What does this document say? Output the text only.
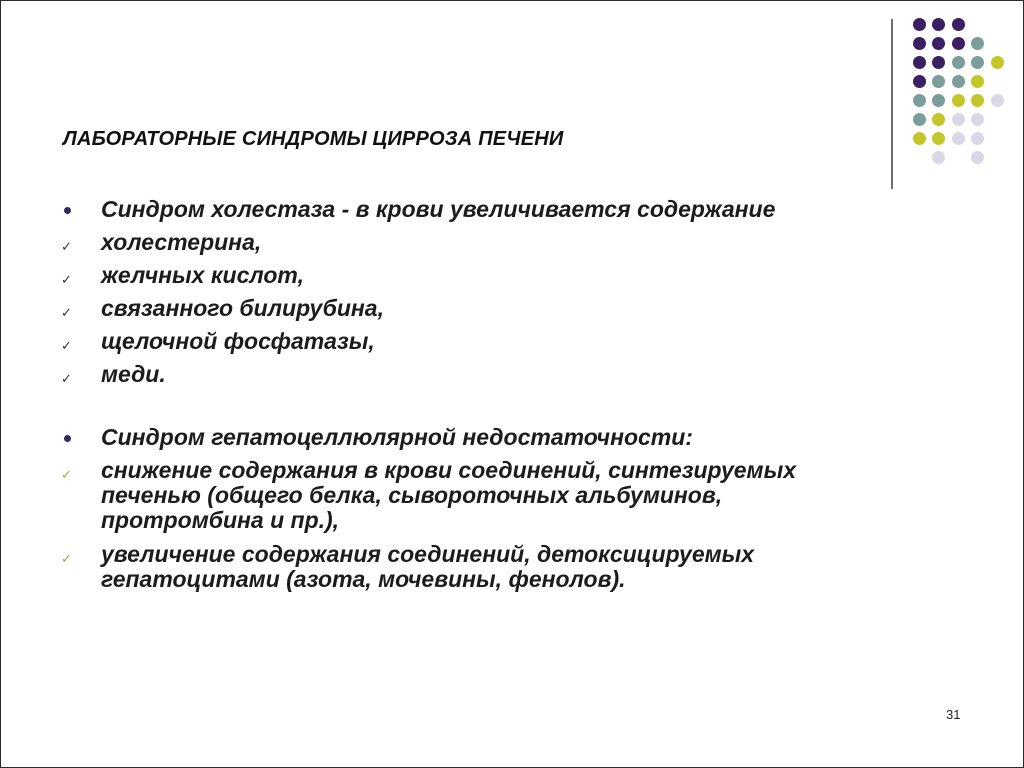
ЛАБОРАТОРНЫЕ СИНДРОМЫ ЦИРРОЗА ПЕЧЕНИ
Синдром холестаза - в крови увеличивается содержание
✓	холестерина,
✓	желчных кислот,
✓	связанного билирубина,
✓	щелочной фосфатазы,
✓	меди.
Синдром гепатоцеллюлярной недостаточности:
✓	снижение содержания в крови соединений, синтезируемых
печенью (общего белка, сывороточных альбуминов,
протромбина и пр.),
✓	увеличение содержания соединений, детоксицируемых
гепатоцитами (азота, мочевины, фенолов).
31
